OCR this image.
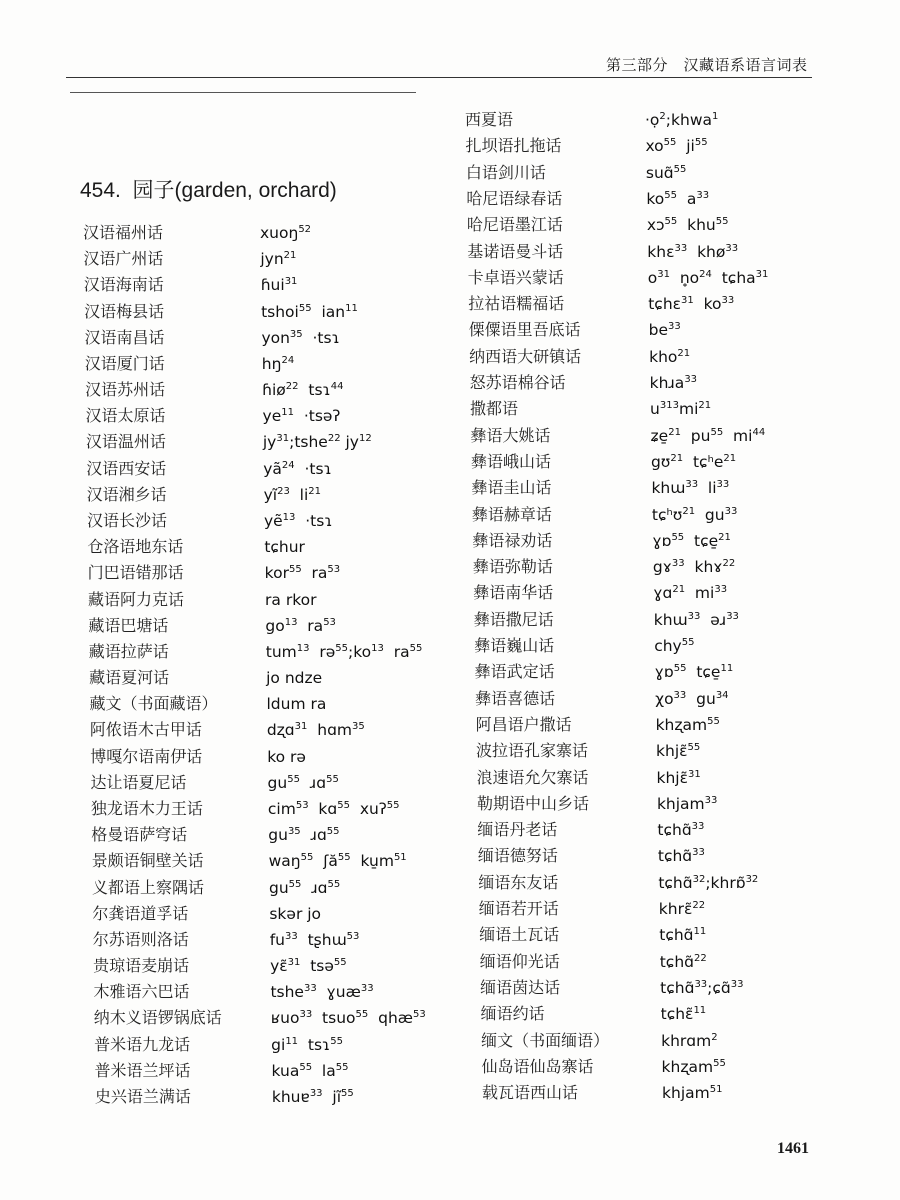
第三部分　汉藏语系语言词表
454.  园子(garden, orchard)
汉语福州话	xuoŋ$^{52}$
汉语广州话	jyn$^{21}$
汉语海南话	ɦui$^{31}$
汉语梅县话	tshoi$^{55}$  ian$^{11}$
汉语南昌话	yon$^{35}$  ·tsɿ
汉语厦门话	$hŋ^{24}$
汉语苏州话	ɦiø$^{22}$  tsɿ$^{44}$
汉语太原话	$ye^{11}$  ·tsəʔ
汉语温州话	$jy^{31};tshe^{22}$ $jy^{12}$
汉语西安话	$yã^{24}$  ·tsɿ
汉语湘乡话	$yĩ^{23}$  $li^{21}$
汉语长沙话	yẽ$^{13}$  ·tsɿ
仓洛语地东话	tɕhur
门巴语错那话	kor$^{55}$  $ra^{53}$
藏语阿力克话	ra rkor
藏语巴塘话	$go^{13}$  $ra^{53}$
藏语拉萨话	tum$^{13}$  $rə^{55};ko^{13}$  $ra^{55}$
藏语夏河话	jo ndze
藏文（书面藏语）	ldum ra
阿侬语木古甲话	dʐɑ$^{31}$  hɑm$^{35}$
博嘎尔语南伊话	ko rə
达让语夏尼话	$gu^{55}$  ɹɑ$^{55}$
独龙语木力王话	cim$^{53}$  kɑ$^{55}$  xuʔ$^{55}$
格曼语萨穹话	$gu^{35}$  ɹɑ$^{55}$
景颇语铜壁关话	waŋ$^{55}$  ʃă$^{55}$  $ku̱m^{51}$
义都语上察隅话	$gu^{55}$  ɹɑ$^{55}$
尔龚语道孚话	skər jo
尔苏语则洛话	$fu^{33}$  tʂhɯ$^{53}$
贵琼语麦崩话	yɛ̃$^{31}$  tsə$^{55}$
木雅语六巴话	tshe$^{33}$  ɣuæ$^{33}$
纳木义语锣锅底话	ʁuo$^{33}$  tsuo$^{55}$  qhæ$^{53}$
普米语九龙话	$gi^{11}$  tsɿ$^{55}$
普米语兰坪话	kua$^{55}$  $la^{55}$
史兴语兰满话	khuɐ$^{33}$  $jĩ^{55}$
西夏语	·ọ$^2$;khwa$^1$
扎坝语扎拖话	$xo^{55}$  $ji^{55}$
白语剑川话	suɑ̃$^{55}$
哈尼语绿春话	$ko^{55}$  $a^{33}$
哈尼语墨江话	xɔ$^{55}$  khu$^{55}$
基诺语曼斗话	khɛ$^{33}$  khø$^{33}$
卡卓语兴蒙话	$o^{31}$  $n̥o^{24}$  tɕha$^{31}$
拉祜语糯福话	tɕhɛ$^{31}$  $ko^{33}$
傈僳语里吾底话	$be^{33}$
纳西语大研镇话	kho$^{21}$
怒苏语棉谷话	khɹa$^{33}$
撒都语	$u^{313}mi^{21}$
彝语大姚话	ʑe̱$^{21}$  $pu^{55}$  $mi^{44}$
彝语峨山话	gʊ$^{21}$  tɕʰe$^{21}$
彝语圭山话	khɯ$^{33}$  $li^{33}$
彝语赫章话	tɕʰʊ$^{21}$  $gu^{33}$
彝语禄劝话	ɣɒ$^{55}$  tɕe̱$^{21}$
彝语弥勒话	gɤ$^{33}$  khɤ$^{22}$
彝语南华话	ɣɑ$^{21}$  $mi^{33}$
彝语撒尼话	khɯ$^{33}$  əɹ$^{33}$
彝语巍山话	chy$^{55}$
彝语武定话	ɣɒ$^{55}$  tɕe̱$^{11}$
彝语喜德话	$\chi o^{33}$  $gu^{34}$
阿昌语户撒话	khʐam$^{55}$
波拉语孔家寨话	khjɛ̃$^{55}$
浪速语允欠寨话	khjɛ̃$^{31}$
勒期语中山乡话	khjam$^{33}$
缅语丹老话	tɕhɑ̃$^{33}$
缅语德努话	tɕhɑ̃$^{33}$
缅语东友话	tɕhɑ̃$^{32}$;khrɒ̃$^{32}$
缅语若开话	khrɛ̃$^{22}$
缅语土瓦话	tɕhɑ̃$^{11}$
缅语仰光话	tɕhɑ̃$^{22}$
缅语茵达话	tɕhɑ̃$^{33}$;ɕɑ̃$^{33}$
缅语约话	tɕhɛ̃$^{11}$
缅文（书面缅语）	khrɑm$^2$
仙岛语仙岛寨话	khʐam$^{55}$
载瓦语西山话	khjam$^{51}$
1461
